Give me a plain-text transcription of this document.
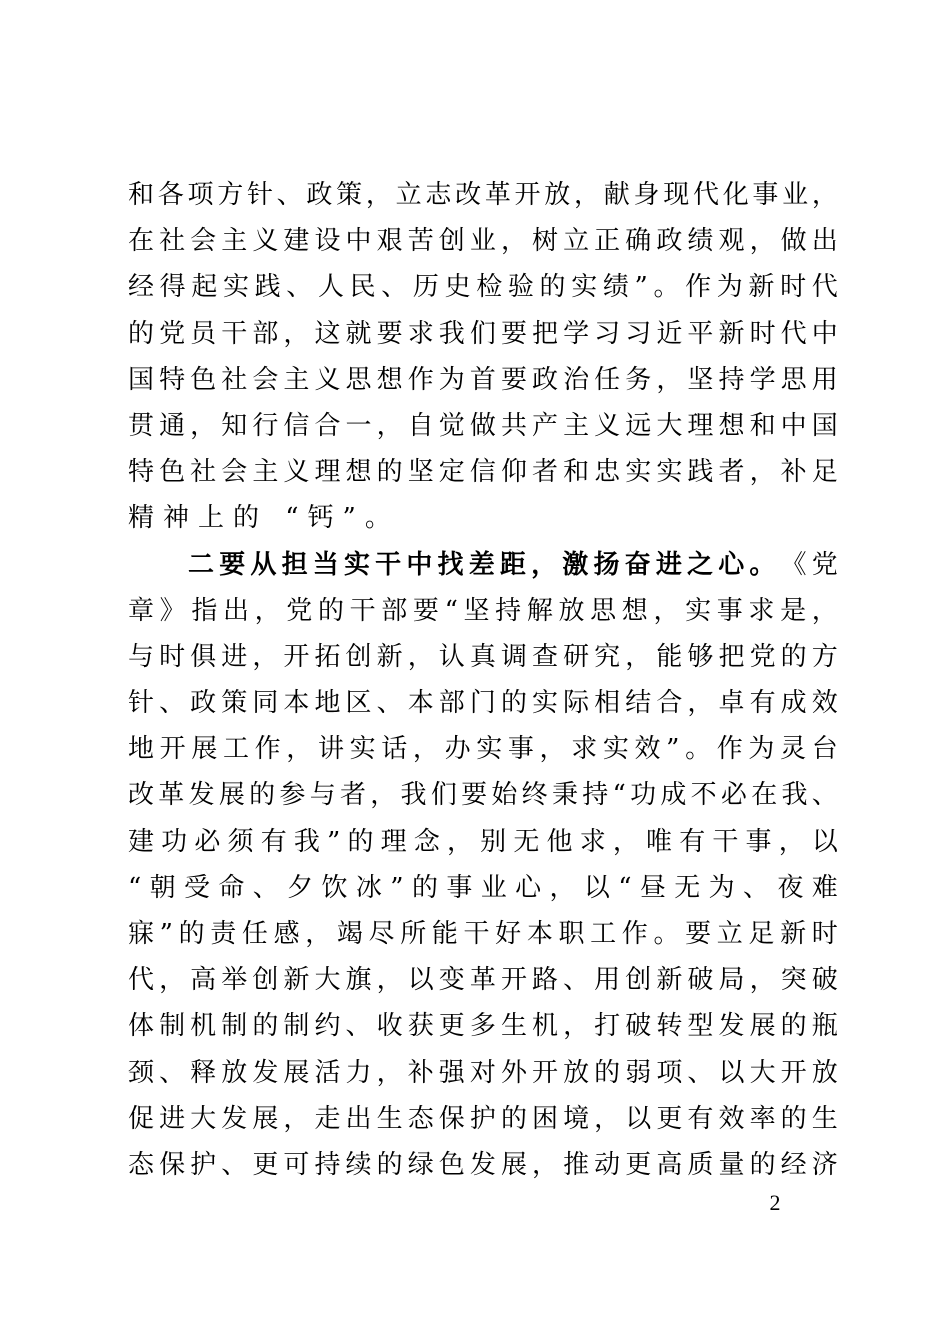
和 各 项 方 针 、 政 策 ， 立 志 改 革 开 放 ， 献 身 现 代 化 事 业 ，
在 社 会 主 义 建 设 中 艰 苦 创 业 ， 树 立 正 确 政 绩 观 ， 做 出
经 得 起 实 践 、 人 民 、 历 史 检 验 的 实 绩 ” 。 作 为 新 时 代
的 党 员 干 部 ， 这 就 要 求 我 们 要 把 学 习 习 近 平 新 时 代 中
国 特 色 社 会 主 义 思 想 作 为 首 要 政 治 任 务 ， 坚 持 学 思 用
贯 通 ， 知 行 信 合 一 ， 自 觉 做 共 产 主 义 远 大 理 想 和 中 国
特 色 社 会 主 义 理 想 的 坚 定 信 仰 者 和 忠 实 实 践 者 ， 补 足
精神上的 “钙”。
二 要 从 担 当 实 干 中 找 差 距 ， 激 扬 奋 进 之 心 。 《 党
章 》 指 出 ， 党 的 干 部 要 “ 坚 持 解 放 思 想 ， 实 事 求 是 ，
与 时 俱 进 ， 开 拓 创 新 ， 认 真 调 查 研 究 ， 能 够 把 党 的 方
针 、 政 策 同 本 地 区 、 本 部 门 的 实 际 相 结 合 ， 卓 有 成 效
地 开 展 工 作 ， 讲 实 话 ， 办 实 事 ， 求 实 效 ” 。 作 为 灵 台
改 革 发 展 的 参 与 者 ， 我 们 要 始 终 秉 持 “ 功 成 不 必 在 我 、
建 功 必 须 有 我 ” 的 理 念 ， 别 无 他 求 ， 唯 有 干 事 ， 以
“ 朝 受 命 、 夕 饮 冰 ” 的 事 业 心 ， 以 “ 昼 无 为 、 夜 难
寐 ” 的 责 任 感 ， 竭 尽 所 能 干 好 本 职 工 作 。 要 立 足 新 时
代 ， 高 举 创 新 大 旗 ， 以 变 革 开 路 、 用 创 新 破 局 ， 突 破
体 制 机 制 的 制 约 、 收 获 更 多 生 机 ， 打 破 转 型 发 展 的 瓶
颈 、 释 放 发 展 活 力 ， 补 强 对 外 开 放 的 弱 项 、 以 大 开 放
促 进 大 发 展 ， 走 出 生 态 保 护 的 困 境 ， 以 更 有 效 率 的 生
态 保 护 、 更 可 持 续 的 绿 色 发 展 ， 推 动 更 高 质 量 的 经 济
2
